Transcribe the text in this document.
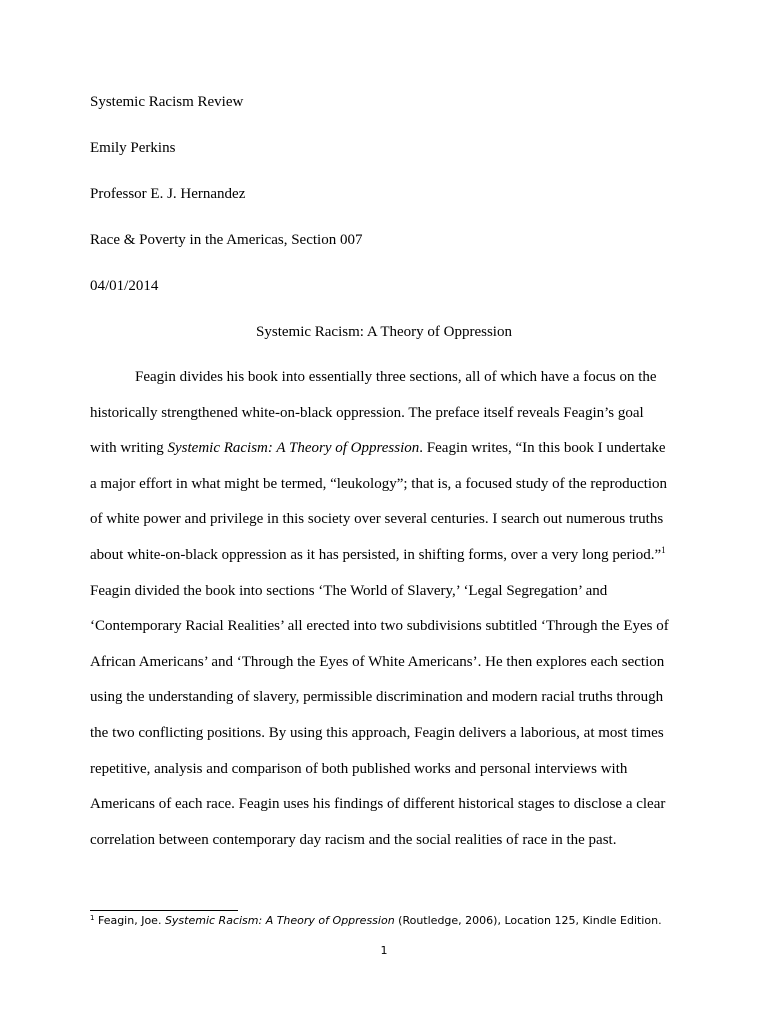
Systemic Racism Review
Emily Perkins
Professor E. J. Hernandez
Race & Poverty in the Americas, Section 007
04/01/2014
Systemic Racism: A Theory of Oppression
Feagin divides his book into essentially three sections, all of which have a focus on the
historically strengthened white-on-black oppression. The preface itself reveals Feagin’s goal
with writing Systemic Racism: A Theory of Oppression. Feagin writes, “In this book I undertake
a major effort in what might be termed, “leukology”; that is, a focused study of the reproduction
of white power and privilege in this society over several centuries. I search out numerous truths
about white-on-black oppression as it has persisted, in shifting forms, over a very long period.”$^1$
Feagin divided the book into sections ‘The World of Slavery,’ ‘Legal Segregation’ and
‘Contemporary Racial Realities’ all erected into two subdivisions subtitled ‘Through the Eyes of
African Americans’ and ‘Through the Eyes of White Americans’. He then explores each section
using the understanding of slavery, permissible discrimination and modern racial truths through
the two conflicting positions. By using this approach, Feagin delivers a laborious, at most times
repetitive, analysis and comparison of both published works and personal interviews with
Americans of each race. Feagin uses his findings of different historical stages to disclose a clear
correlation between contemporary day racism and the social realities of race in the past.
$^1$ Feagin, Joe. Systemic Racism: A Theory of Oppression (Routledge, 2006), Location 125, Kindle Edition.
1
